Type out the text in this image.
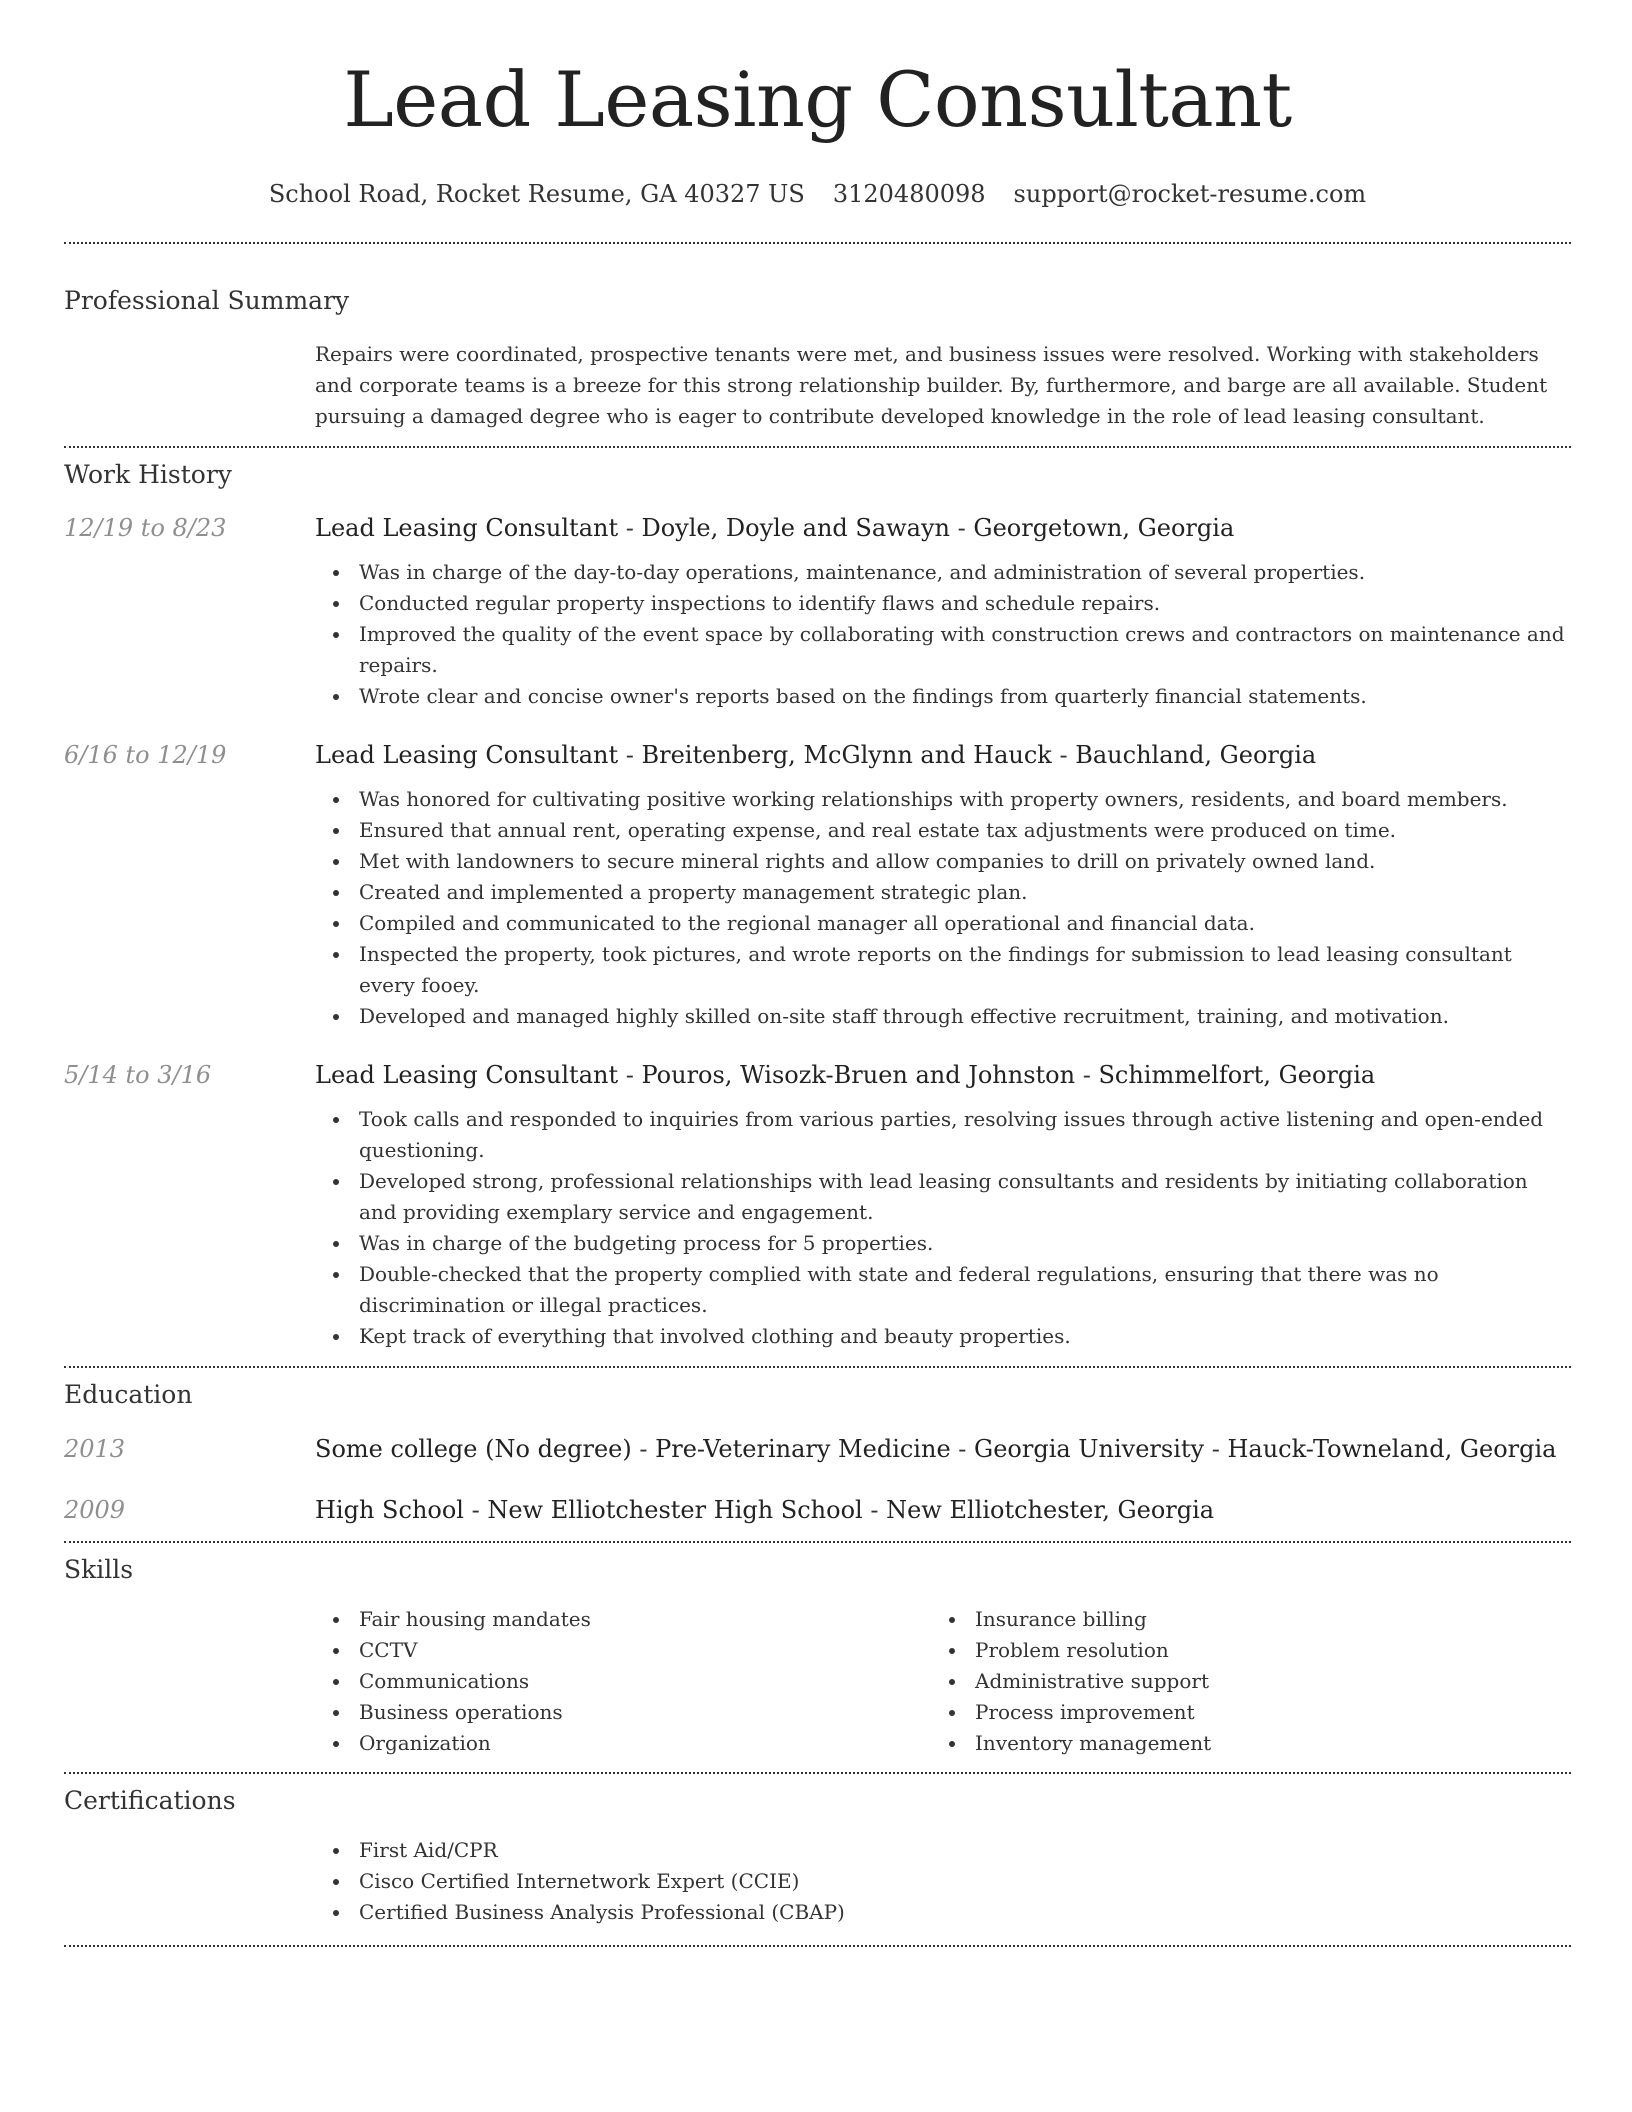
Lead Leasing Consultant
School Road, Rocket Resume, GA 40327 US 3120480098 support@rocket-resume.com
Professional Summary

Repairs were coordinated, prospective tenants were met, and business issues were resolved. Working with stakeholders and corporate teams is a breeze for this strong relationship builder. By, furthermore, and barge are all available. Student pursuing a damaged degree who is eager to contribute developed knowledge in the role of lead leasing consultant.

Work History
12/19 to 8/23	Lead Leasing Consultant - Doyle, Doyle and Sawayn - Georgetown, Georgia
Was in charge of the day-to-day operations, maintenance, and administration of several properties.
Conducted regular property inspections to identify flaws and schedule repairs.
Improved the quality of the event space by collaborating with construction crews and contractors on maintenance and repairs.
Wrote clear and concise owner's reports based on the findings from quarterly financial statements.
6/16 to 12/19	Lead Leasing Consultant - Breitenberg, McGlynn and Hauck - Bauchland, Georgia
Was honored for cultivating positive working relationships with property owners, residents, and board members.
Ensured that annual rent, operating expense, and real estate tax adjustments were produced on time.
Met with landowners to secure mineral rights and allow companies to drill on privately owned land.
Created and implemented a property management strategic plan.
Compiled and communicated to the regional manager all operational and financial data.
Inspected the property, took pictures, and wrote reports on the findings for submission to lead leasing consultant every fooey.
Developed and managed highly skilled on-site staff through effective recruitment, training, and motivation.
5/14 to 3/16	Lead Leasing Consultant - Pouros, Wisozk-Bruen and Johnston - Schimmelfort, Georgia
Took calls and responded to inquiries from various parties, resolving issues through active listening and open-ended questioning.
Developed strong, professional relationships with lead leasing consultants and residents by initiating collaboration and providing exemplary service and engagement.
Was in charge of the budgeting process for 5 properties.
Double-checked that the property complied with state and federal regulations, ensuring that there was no discrimination or illegal practices.
Kept track of everything that involved clothing and beauty properties.
Education
2013	Some college (No degree) - Pre-Veterinary Medicine - Georgia University - Hauck-Towneland, Georgia
2009	High School - New Elliotchester High School - New Elliotchester, Georgia
Skills
Fair housing mandates
CCTV
Communications
Business operations
Organization
Insurance billing
Problem resolution
Administrative support
Process improvement
Inventory management
Certifications
First Aid/CPR
Cisco Certified Internetwork Expert (CCIE)
Certified Business Analysis Professional (CBAP)
